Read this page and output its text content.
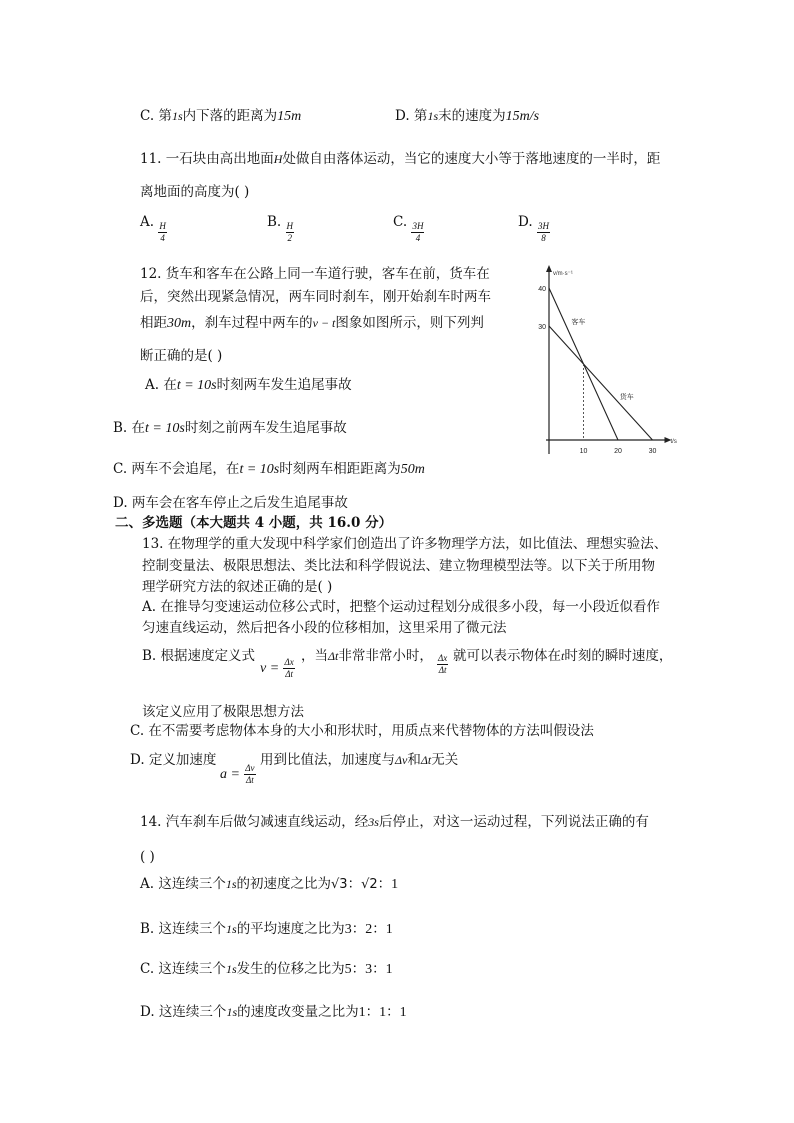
C. 第1s内下落的距离为15m	D. 第1s末的速度为15m/s
11. 一石块由高出地面H处做自由落体运动，当它的速度大小等于落地速度的一半时，距
离地面的高度为( )
A. $\frac{H}{4}$	B. $\frac{H}{2}$	C. $\frac{3H}{4}$	D. $\frac{3H}{8}$
12. 货车和客车在公路上同一车道行驶，客车在前，货车在
后，突然出现紧急情况，两车同时刹车，刚开始刹车时两车
相距30m，刹车过程中两车的v − t图象如图所示，则下列判
断正确的是( )
A. 在t = 10s时刻两车发生追尾事故
B. 在t = 10s时刻之前两车发生追尾事故
C. 两车不会追尾，在t = 10s时刻两车相距距离为50m
D. 两车会在客车停止之后发生追尾事故
v/m·s⁻¹
t/s
10	20	30
30
40
客车
货车
二、多选题（本大题共 4 小题，共 16.0 分）
13. 在物理学的重大发现中科学家们创造出了许多物理学方法，如比值法、理想实验法、
控制变量法、极限思想法、类比法和科学假说法、建立物理模型法等。以下关于所用物
理学研究方法的叙述正确的是( )
A. 在推导匀变速运动位移公式时，把整个运动过程划分成很多小段，每一小段近似看作
匀速直线运动，然后把各小段的位移相加，这里采用了微元法
B. 根据速度定义式
$v = \frac{\Delta x}{\Delta t}$
，当Δt非常非常小时， $\frac{\Delta x}{\Delta t}$ 就可以表示物体在t时刻的瞬时速度，
该定义应用了极限思想方法
C. 在不需要考虑物体本身的大小和形状时，用质点来代替物体的方法叫假设法
D. 定义加速度
$a = \frac{\Delta v}{\Delta t}$
用到比值法，加速度与Δv和Δt无关
14. 汽车刹车后做匀减速直线运动，经3s后停止，对这一运动过程，下列说法正确的有
( )
A. 这连续三个1s的初速度之比为√3：√2：1
B. 这连续三个1s的平均速度之比为3：2：1
C. 这连续三个1s发生的位移之比为5：3：1
D. 这连续三个1s的速度改变量之比为1：1：1
